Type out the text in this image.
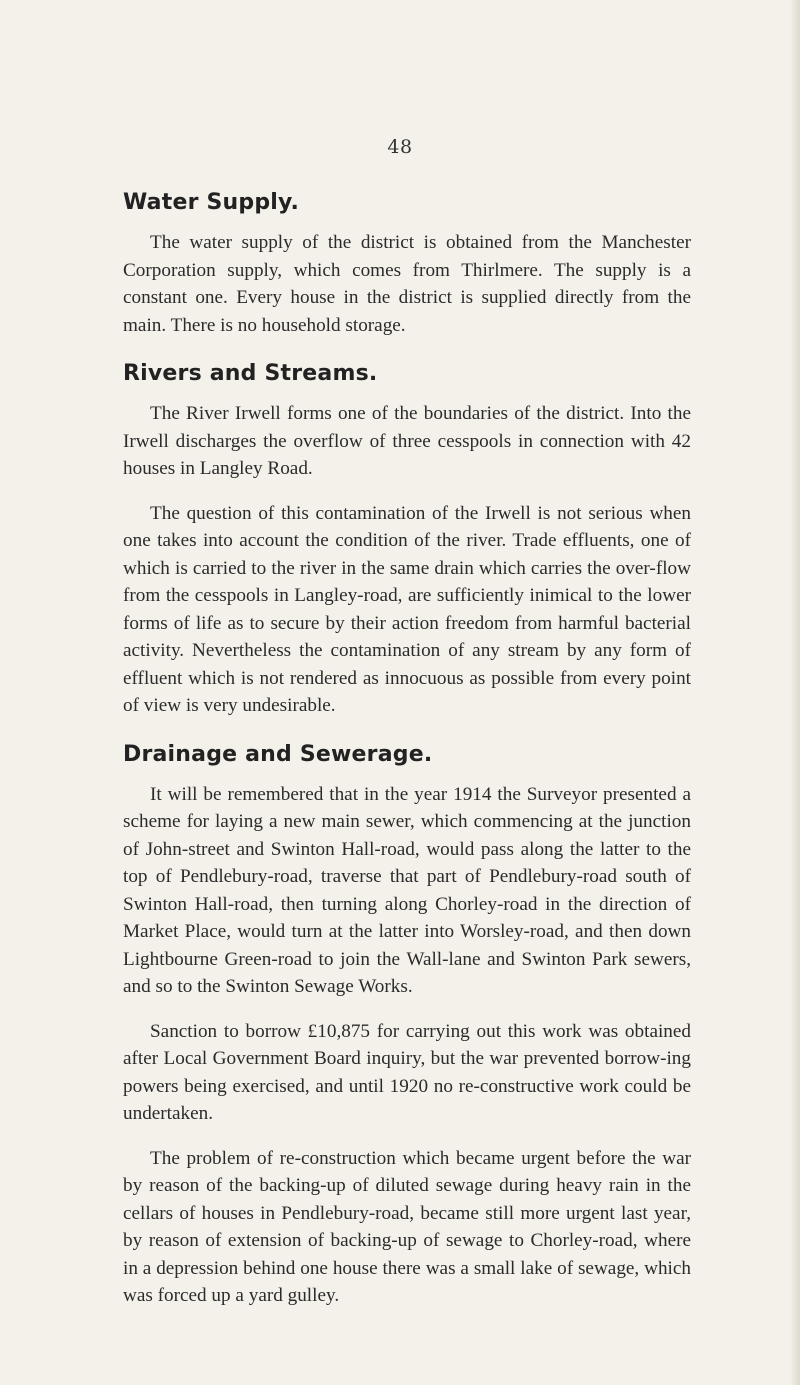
48
Water Supply.

The water supply of the district is obtained from the Manchester Corporation supply, which comes from Thirlmere. The supply is a constant one. Every house in the district is supplied directly from the main. There is no household storage.

Rivers and Streams.

The River Irwell forms one of the boundaries of the district. Into the Irwell discharges the overflow of three cesspools in connection with 42 houses in Langley Road.

The question of this contamination of the Irwell is not serious when one takes into account the condition of the river. Trade effluents, one of which is carried to the river in the same drain which carries the over-flow from the cesspools in Langley-road, are sufficiently inimical to the lower forms of life as to secure by their action freedom from harmful bacterial activity. Nevertheless the contamination of any stream by any form of effluent which is not rendered as innocuous as possible from every point of view is very undesirable.

Drainage and Sewerage.

It will be remembered that in the year 1914 the Surveyor presented a scheme for laying a new main sewer, which commencing at the junction of John-street and Swinton Hall-road, would pass along the latter to the top of Pendlebury-road, traverse that part of Pendlebury-road south of Swinton Hall-road, then turning along Chorley-road in the direction of Market Place, would turn at the latter into Worsley-road, and then down Lightbourne Green-road to join the Wall-lane and Swinton Park sewers, and so to the Swinton Sewage Works.

Sanction to borrow £10,875 for carrying out this work was obtained after Local Government Board inquiry, but the war prevented borrow-ing powers being exercised, and until 1920 no re-constructive work could be undertaken.

The problem of re-construction which became urgent before the war by reason of the backing-up of diluted sewage during heavy rain in the cellars of houses in Pendlebury-road, became still more urgent last year, by reason of extension of backing-up of sewage to Chorley-road, where in a depression behind one house there was a small lake of sewage, which was forced up a yard gulley.
